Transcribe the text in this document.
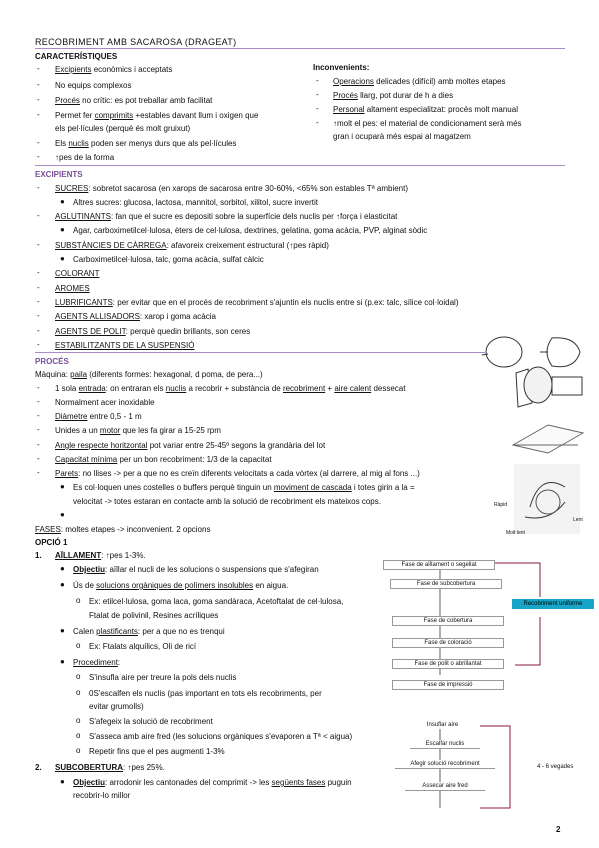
RECOBRIMENT AMB SACAROSA (DRAGEAT)
CARACTERÍSTIQUES
- Excipients econòmics i acceptats
- No equips complexos
- Procés no crític: es pot treballar amb facilitat
- Permet fer comprimits +estables davant llum i oxigen que
els pel·lícules (perquè és molt gruixut)
- Els nuclis poden ser menys durs que als pel·lícules
- ↑pes de la forma
Inconvenients:
- Operacions delicades (difícil) amb moltes etapes
- Procés llarg, pot durar de h a dies
- Personal altament especialitzat: procés molt manual
- ↑molt el pes: el material de condicionament serà més
gran i ocuparà més espai al magatzem
EXCIPIENTS
- SUCRES: sobretot sacarosa (en xarops de sacarosa entre 30-60%, <65% son estables Tª ambient)
● Altres sucres: glucosa, lactosa, mannitol, sorbitol, xilitol, sucre invertit
- AGLUTINANTS: fan que el sucre es depositi sobre la superfície dels nuclis per ↑força i elasticitat
● Agar, carboximetilcel·lulosa, èters de cel·lulosa, dextrines, gelatina, goma acàcia, PVP, alginat sòdic
- SUBSTÀNCIES DE CÀRREGA: afavoreix creixement estructural (↑pes ràpid)
● Carboximetilcel·lulosa, talc, goma acàcia, sulfat càlcic
- COLORANT
- AROMES
- LUBRIFICANTS: per evitar que en el procés de recobriment s'ajuntin els nuclis entre si (p.ex: talc, sílice col·loidal)
- AGENTS ALLISADORS: xarop i goma acàcia
- AGENTS DE POLIT: perquè quedin brillants, son ceres
- ESTABILITZANTS DE LA SUSPENSIÓ
PROCÉS
Màquina: paila (diferents formes: hexagonal, d poma, de pera...)
- 1 sola entrada: on entraran els nuclis a recobrir + substància de recobriment + aire calent dessecat
- Normalment acer inoxidable
- Diàmetre entre 0,5 - 1 m
- Unides a un motor que les fa girar a 15-25 rpm
- Angle respecte horitzontal pot variar entre 25-45º segons la grandària del lot
- Capacitat mínima per un bon recobriment: 1/3 de la capacitat
- Parets: no llises -> per a que no es creïn diferents velocitats a cada vòrtex (al darrere, al mig al fons ...)
● Es col·loquen unes costelles o buffers perquè tinguin un moviment de cascada i totes girin a la =
velocitat -> totes estaran en contacte amb la solució de recobriment els mateixos cops.
●
FASES: moltes etapes -> inconvenient. 2 opcions
OPCIÓ 1
1. AÏLLAMENT: ↑pes 1-3%.
● Objectiu: aïllar el nucli de les solucions o suspensions que s'afegiran
● Ús de solucions orgàniques de polímers insolubles en aigua.
o Ex: etilcel·lulosa, goma laca, goma sandàraca, Acetoftalat de cel·lulosa,
Ftalat de polivinil, Resines acríliques
● Calen plastificants: per a que no es trenqui
o Ex: Ftalats alquílics, Oli de ricí
● Procediment:
o S'insufla aire per treure la pols dels nuclis
o 0S'escalfen els nuclis (pas important en tots els recobriments, per
evitar grumolls)
o S'afegeix la solució de recobriment
o S'asseca amb aire fred (les solucions orgàniques s'evaporen a Tª < aigua)
o Repetir fins que el pes augmenti 1-3%
2. SUBCOBERTURA: ↑pes 25%.
● Objectiu: arrodonir les cantonades del comprimit -> les següents fases puguin
recobrir-lo millor
Ràpid
Lent
Molt lent
Fase de aïllament o segellat
Fase de subcobertura
Fase de cobertura
Fase de coloració
Fase de polit o abrillantat
Fase de impressió
Recobriment uniforme
Insuflar aire
Escalfar nuclis
Afegir solució recobriment
Assecar aire fred
4 - 6 vegades
2
